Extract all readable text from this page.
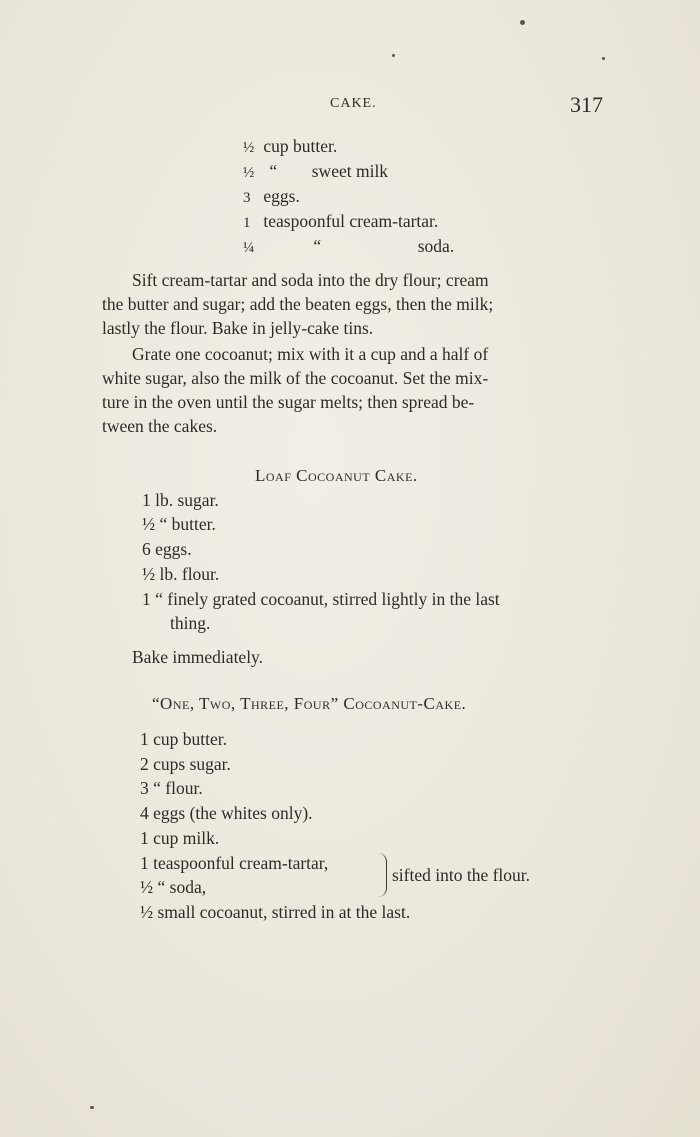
CAKE.	317
½ cup butter.
½ “ sweet milk
3 eggs.
1 teaspoonful cream-tartar.
¼	“	soda.
Sift cream-tartar and soda into the dry flour; cream
the butter and sugar; add the beaten eggs, then the milk;
lastly the flour. Bake in jelly-cake tins.
Grate one cocoanut; mix with it a cup and a half of
white sugar, also the milk of the cocoanut. Set the mix-
ture in the oven until the sugar melts; then spread be-
tween the cakes.
Loaf Cocoanut Cake.
1 lb. sugar.
½ “ butter.
6 eggs.
½ lb. flour.
1 “ finely grated cocoanut, stirred lightly in the last
thing.
Bake immediately.
“One, Two, Three, Four” Cocoanut-Cake.
1 cup butter.
2 cups sugar.
3 “ flour.
4 eggs (the whites only).
1 cup milk.
1 teaspoonful cream-tartar,
½ “ soda,
sifted into the flour.
½ small cocoanut, stirred in at the last.
